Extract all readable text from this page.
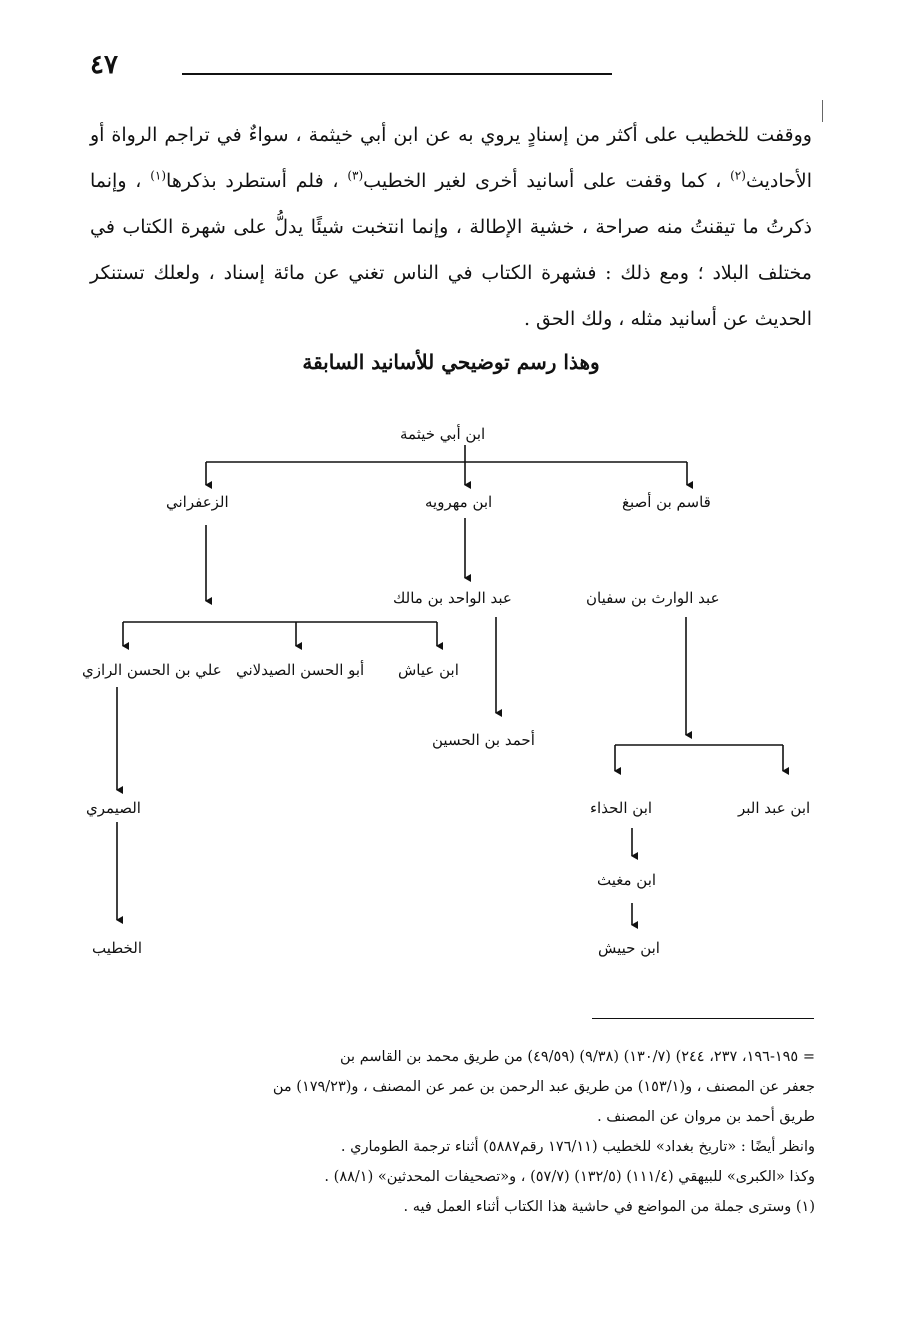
٤٧

ووقفت للخطيب على أكثر من إسنادٍ يروي به عن ابن أبي خيثمة ، سواءٌ في تراجم الرواة أو الأحاديث$^{(٢)}$ ، كما وقفت على أسانيد أخرى لغير الخطيب$^{(٣)}$ ، فلم أستطرد بذكرها$^{(١)}$ ، وإنما ذكرتُ ما تيقنتُ منه صراحة ، خشية الإطالة ، وإنما انتخبت شيئًا يدلُّ على شهرة الكتاب في مختلف البلاد ؛ ومع ذلك : فشهرة الكتاب في الناس تغني عن مائة إسناد ، ولعلك تستنكر الحديث عن أسانيد مثله ، ولك الحق .

وهذا رسم توضيحي للأسانيد السابقة
ابن أبي خيثمة
قاسم بن أصبغ
ابن مهرويه
الزعفراني
عبد الوارث بن سفيان
عبد الواحد بن مالك
ابن عياش
أبو الحسن الصيدلاني
علي بن الحسن الرازي
أحمد بن الحسين
ابن عبد البر
ابن الحذاء
الصيمري
ابن مغيث
الخطيب	ابن حييش

= ١٩٥-١٩٦، ٢٣٧، ٢٤٤) (١٣٠/٧) (٩/٣٨) (٤٩/٥٩) من طريق محمد بن القاسم بن

جعفر عن المصنف ، و(١٥٣/١) من طريق عبد الرحمن بن عمر عن المصنف ، و(١٧٩/٢٣) من

طريق أحمد بن مروان عن المصنف .

وانظر أيضًا : «تاريخ بغداد» للخطيب (١٧٦/١١ رقم٥٨٨٧) أثناء ترجمة الطوماري .

وكذا «الكبرى» للبيهقي (١١١/٤) (١٣٢/٥) (٥٧/٧) ، و«تصحيفات المحدثين» (٨٨/١) .

(١) وسترى جملة من المواضع في حاشية هذا الكتاب أثناء العمل فيه .
